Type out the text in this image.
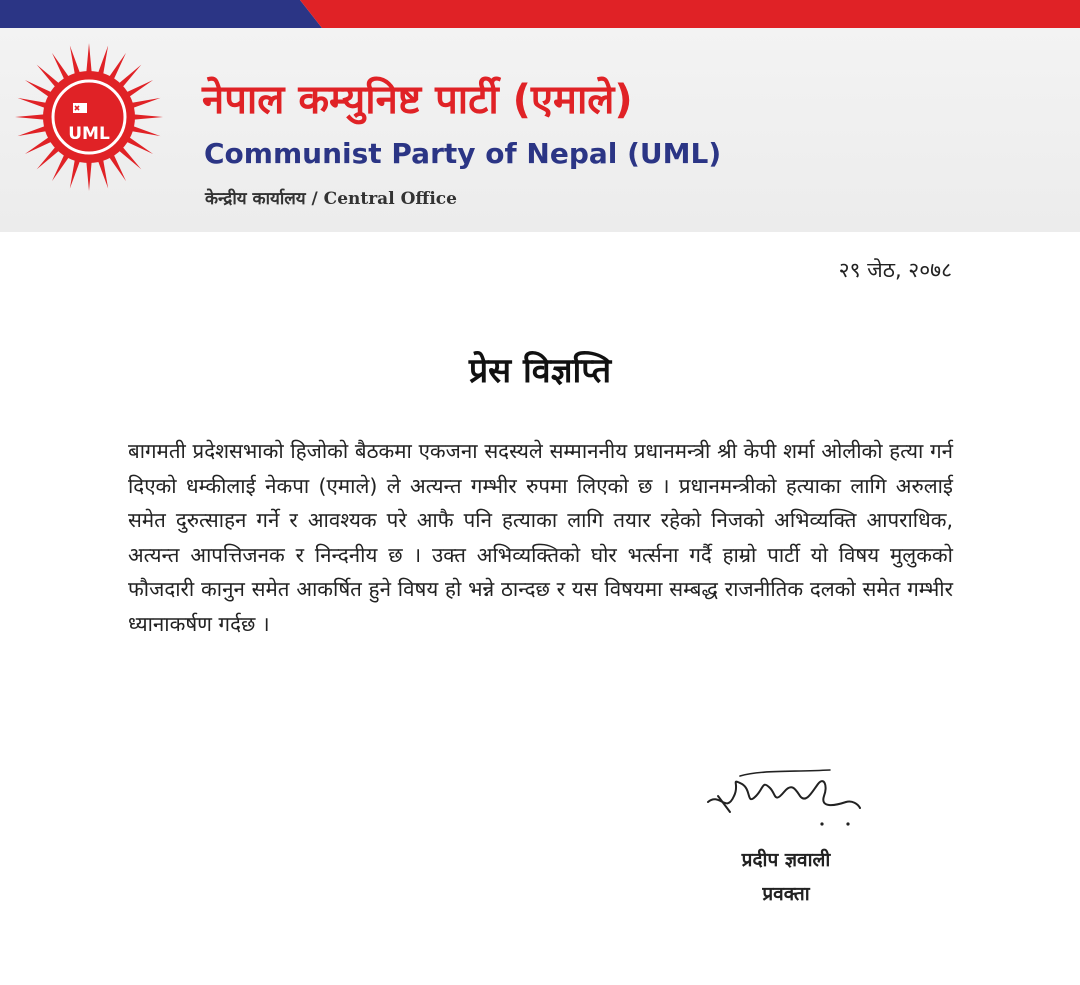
UML
नेपाल कम्युनिष्ट पार्टी (एमाले)
Communist Party of Nepal (UML)
केन्द्रीय कार्यालय / Central Office
२९ जेठ, २०७८
प्रेस विज्ञप्ति

बागमती प्रदेशसभाको हिजोको बैठकमा एकजना सदस्यले सम्माननीय प्रधानमन्त्री श्री केपी शर्मा ओलीको हत्या गर्न दिएको धम्कीलाई नेकपा (एमाले) ले अत्यन्त गम्भीर रुपमा लिएको छ । प्रधानमन्त्रीको हत्याका लागि अरुलाई समेत दुरुत्साहन गर्ने र आवश्यक परे आफै पनि हत्याका लागि तयार रहेको निजको अभिव्यक्ति आपराधिक, अत्यन्त आपत्तिजनक र निन्दनीय छ । उक्त अभिव्यक्तिको घोर भर्त्सना गर्दै हाम्रो पार्टी यो विषय मुलुकको फौजदारी कानुन समेत आकर्षित हुने विषय हो भन्ने ठान्दछ र यस विषयमा सम्बद्ध राजनीतिक दलको समेत गम्भीर ध्यानाकर्षण गर्दछ ।

प्रदीप ज्ञवाली
प्रवक्ता
